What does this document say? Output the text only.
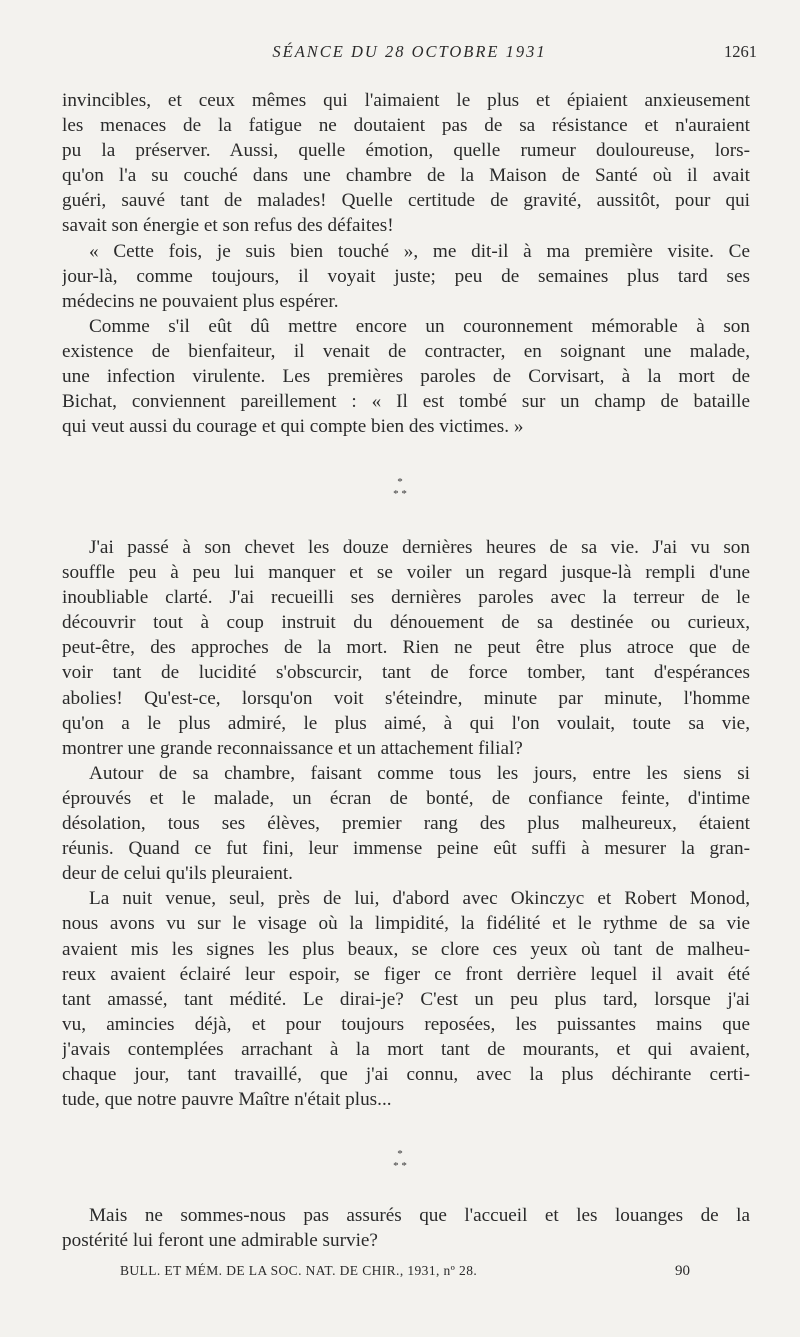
SÉANCE DU 28 OCTOBRE 1931	1261
invincibles, et ceux mêmes qui l'aimaient le plus et épiaient anxieusement
les menaces de la fatigue ne doutaient pas de sa résistance et n'auraient
pu la préserver. Aussi, quelle émotion, quelle rumeur douloureuse, lors-
qu'on l'a su couché dans une chambre de la Maison de Santé où il avait
guéri, sauvé tant de malades! Quelle certitude de gravité, aussitôt, pour qui
savait son énergie et son refus des défaites!
« Cette fois, je suis bien touché », me dit-il à ma première visite. Ce
jour-là, comme toujours, il voyait juste; peu de semaines plus tard ses
médecins ne pouvaient plus espérer.
Comme s'il eût dû mettre encore un couronnement mémorable à son
existence de bienfaiteur, il venait de contracter, en soignant une malade,
une infection virulente. Les premières paroles de Corvisart, à la mort de
Bichat, conviennent pareillement : « Il est tombé sur un champ de bataille
qui veut aussi du courage et qui compte bien des victimes. »
*
* *
J'ai passé à son chevet les douze dernières heures de sa vie. J'ai vu son
souffle peu à peu lui manquer et se voiler un regard jusque-là rempli d'une
inoubliable clarté. J'ai recueilli ses dernières paroles avec la terreur de le
découvrir tout à coup instruit du dénouement de sa destinée ou curieux,
peut-être, des approches de la mort. Rien ne peut être plus atroce que de
voir tant de lucidité s'obscurcir, tant de force tomber, tant d'espérances
abolies! Qu'est-ce, lorsqu'on voit s'éteindre, minute par minute, l'homme
qu'on a le plus admiré, le plus aimé, à qui l'on voulait, toute sa vie,
montrer une grande reconnaissance et un attachement filial?
Autour de sa chambre, faisant comme tous les jours, entre les siens si
éprouvés et le malade, un écran de bonté, de confiance feinte, d'intime
désolation, tous ses élèves, premier rang des plus malheureux, étaient
réunis. Quand ce fut fini, leur immense peine eût suffi à mesurer la gran-
deur de celui qu'ils pleuraient.
La nuit venue, seul, près de lui, d'abord avec Okinczyc et Robert Monod,
nous avons vu sur le visage où la limpidité, la fidélité et le rythme de sa vie
avaient mis les signes les plus beaux, se clore ces yeux où tant de malheu-
reux avaient éclairé leur espoir, se figer ce front derrière lequel il avait été
tant amassé, tant médité. Le dirai-je? C'est un peu plus tard, lorsque j'ai
vu, amincies déjà, et pour toujours reposées, les puissantes mains que
j'avais contemplées arrachant à la mort tant de mourants, et qui avaient,
chaque jour, tant travaillé, que j'ai connu, avec la plus déchirante certi-
tude, que notre pauvre Maître n'était plus...
*
* *
Mais ne sommes-nous pas assurés que l'accueil et les louanges de la
postérité lui feront une admirable survie?
BULL. ET MÉM. DE LA SOC. NAT. DE CHIR., 1931, nº 28.	90
